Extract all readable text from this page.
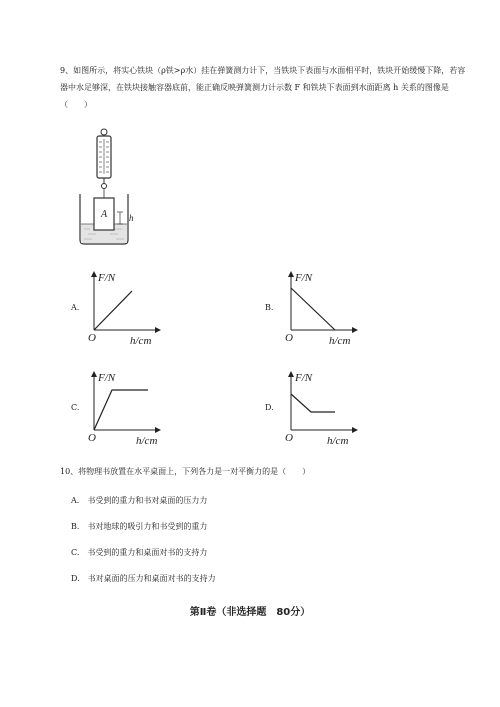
9、如图所示，将实心铁块（ρ铁>ρ水）挂在弹簧测力计下，当铁块下表面与水面相平时，铁块开始缓慢下降，若容器中水足够深，在铁块接触容器底前，能正确反映弹簧测力计示数 F 和铁块下表面到水面距离 h 关系的图像是（　　）
A h
A.
F/N
h/cm
O
B.
F/N
h/cm
O
C.
F/N
h/cm
O
D.
F/N
h/cm
O
10、将物理书放置在水平桌面上，下列各力是一对平衡力的是（　　）
A.　书受到的重力和书对桌面的压力力
B.　书对地球的吸引力和书受到的重力
C.　书受到的重力和桌面对书的支持力
D.　书对桌面的压力和桌面对书的支持力
第Ⅱ卷（非选择题　80分）
